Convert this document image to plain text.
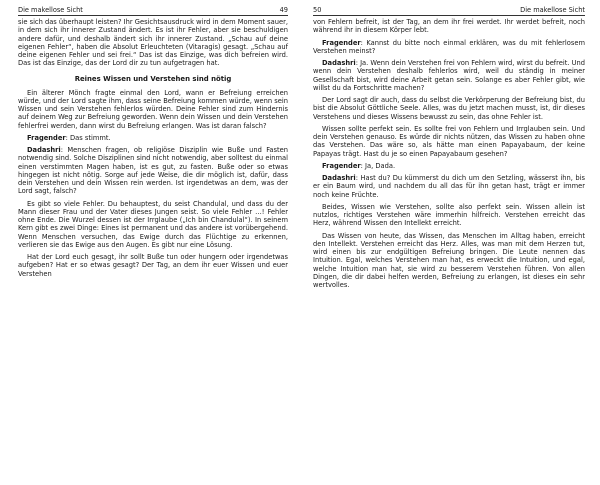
Die makellose Sicht	49

sie sich das überhaupt leisten? Ihr Gesichtsausdruck wird in dem Moment sauer, in dem sich ihr innerer Zustand ändert. Es ist ihr Fehler, aber sie beschuldigen andere dafür, und deshalb ändert sich ihr innerer Zustand. „Schau auf deine eigenen Fehler“, haben die Absolut Erleuchteten (Vitaragis) gesagt. „Schau auf deine eigenen Fehler und sei frei.“ Das ist das Einzige, was dich befreien wird. Das ist das Einzige, das der Lord dir zu tun aufgetragen hat.

Reines Wissen und Verstehen sind nötig

Ein älterer Mönch fragte einmal den Lord, wann er Befreiung erreichen würde, und der Lord sagte ihm, dass seine Befreiung kommen würde, wenn sein Wissen und sein Verstehen fehlerlos würden. Deine Fehler sind zum Hindernis auf deinem Weg zur Befreiung geworden. Wenn dein Wissen und dein Verstehen fehlerfrei werden, dann wirst du Befreiung erlangen. Was ist daran falsch?

Fragender: Das stimmt.

Dadashri: Menschen fragen, ob religiöse Disziplin wie Buße und Fasten notwendig sind. Solche Disziplinen sind nicht notwendig, aber solltest du einmal einen verstimmten Magen haben, ist es gut, zu fasten. Buße oder so etwas hingegen ist nicht nötig. Sorge auf jede Weise, die dir möglich ist, dafür, dass dein Verstehen und dein Wissen rein werden. Ist irgendetwas an dem, was der Lord sagt, falsch?

Es gibt so viele Fehler. Du behauptest, du seist Chandulal, und dass du der Mann dieser Frau und der Vater dieses Jungen seist. So viele Fehler …! Fehler ohne Ende. Die Wurzel dessen ist der Irrglaube („Ich bin Chandulal“). In seinem Kern gibt es zwei Dinge: Eines ist permanent und das andere ist vorübergehend. Wenn Menschen versuchen, das Ewige durch das Flüchtige zu erkennen, verlieren sie das Ewige aus den Augen. Es gibt nur eine Lösung.

Hat der Lord euch gesagt, ihr sollt Buße tun oder hungern oder irgendetwas aufgeben? Hat er so etwas gesagt? Der Tag, an dem ihr euer Wissen und euer Verstehen

50	Die makellose Sicht

von Fehlern befreit, ist der Tag, an dem ihr frei werdet. Ihr werdet befreit, noch während ihr in diesem Körper lebt.

Fragender: Kannst du bitte noch einmal erklären, was du mit fehlerlosem Verstehen meinst?

Dadashri: Ja. Wenn dein Verstehen frei von Fehlern wird, wirst du befreit. Und wenn dein Verstehen deshalb fehlerlos wird, weil du ständig in meiner Gesellschaft bist, wird deine Arbeit getan sein. Solange es aber Fehler gibt, wie willst du da Fortschritte machen?

Der Lord sagt dir auch, dass du selbst die Verkörperung der Befreiung bist, du bist die Absolut Göttliche Seele. Alles, was du jetzt machen musst, ist, dir dieses Verstehens und dieses Wissens bewusst zu sein, das ohne Fehler ist.

Wissen sollte perfekt sein. Es sollte frei von Fehlern und Irrglauben sein. Und dein Verstehen genauso. Es würde dir nichts nützen, das Wissen zu haben ohne das Verstehen. Das wäre so, als hätte man einen Papayabaum, der keine Papayas trägt. Hast du je so einen Papayabaum gesehen?

Fragender: Ja, Dada.

Dadashri: Hast du? Du kümmerst du dich um den Setzling, wässerst ihn, bis er ein Baum wird, und nachdem du all das für ihn getan hast, trägt er immer noch keine Früchte.

Beides, Wissen wie Verstehen, sollte also perfekt sein. Wissen allein ist nutzlos, richtiges Verstehen wäre immerhin hilfreich. Verstehen erreicht das Herz, während Wissen den Intellekt erreicht.

Das Wissen von heute, das Wissen, das Menschen im Alltag haben, erreicht den Intellekt. Verstehen erreicht das Herz. Alles, was man mit dem Herzen tut, wird einen bis zur endgültigen Befreiung bringen. Die Leute nennen das Intuition. Egal, welches Verstehen man hat, es erweckt die Intuition, und egal, welche Intuition man hat, sie wird zu besserem Verstehen führen. Von allen Dingen, die dir dabei helfen werden, Befreiung zu erlangen, ist dieses ein sehr wertvolles.
